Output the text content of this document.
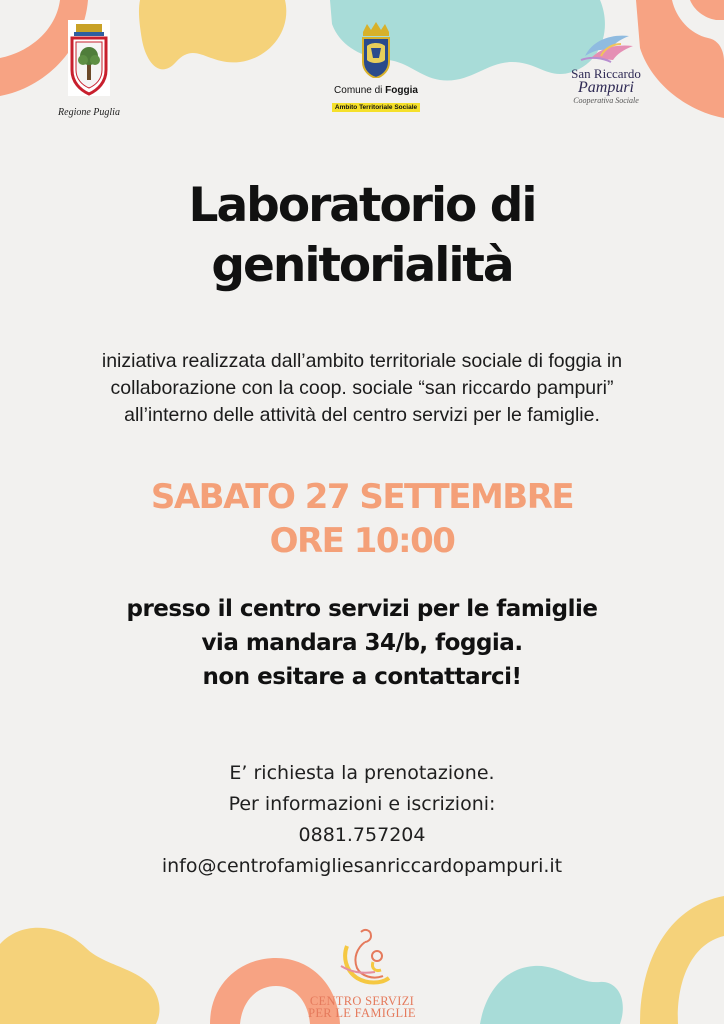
Regione Puglia
Comune di Foggia
Ambito Territoriale Sociale
San Riccardo
Pampuri
Cooperativa Sociale
Laboratorio di
genitorialità
iniziativa realizzata dall’ambito territoriale sociale di foggia in
collaborazione con la coop. sociale “san riccardo pampuri”
all’interno delle attività del centro servizi per le famiglie.
SABATO 27 SETTEMBRE
ORE 10:00
presso il centro servizi per le famiglie
via mandara 34/b, foggia.
non esitare a contattarci!
E’ richiesta la prenotazione.
Per informazioni e iscrizioni:
0881.757204
info@centrofamigliesanriccardopampuri.it
CENTRO SERVIZI
PER LE FAMIGLIE
